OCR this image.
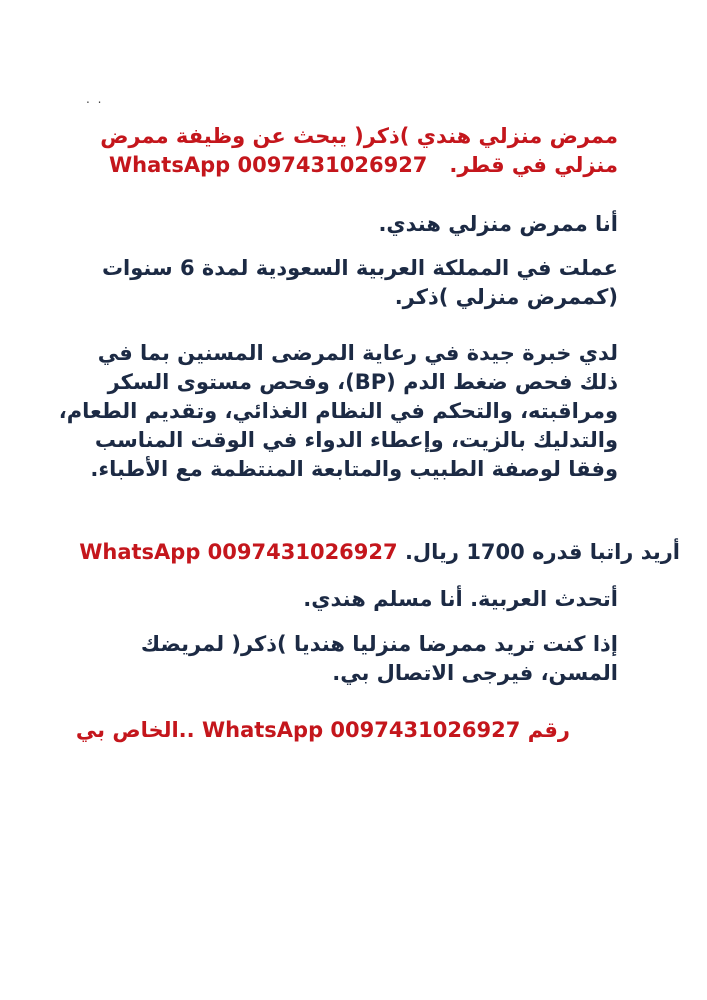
. .
ممرض منزلي هندي )ذكر( يبحث عن وظيفة ممرض
منزلي في قطر.   WhatsApp 0097431026927
أنا ممرض منزلي هندي.
عملت في المملكة العربية السعودية لمدة 6 سنوات
(كممرض منزلي )ذكر.
لدي خبرة جيدة في رعاية المرضى المسنين بما في
ذلك فحص ضغط الدم (BP)، وفحص مستوى السكر
ومراقبته، والتحكم في النظام الغذائي، وتقديم الطعام،
والتدليك بالزيت، وإعطاء الدواء في الوقت المناسب
وفقا لوصفة الطبيب والمتابعة المنتظمة مع الأطباء.
أريد راتبا قدره 1700 ريال. WhatsApp 0097431026927
أتحدث العربية. أنا مسلم هندي.
إذا كنت تريد ممرضا منزليا هنديا )ذكر( لمريضك
المسن، فيرجى الاتصال بي.
رقم WhatsApp 0097431026927 ..الخاص بي
